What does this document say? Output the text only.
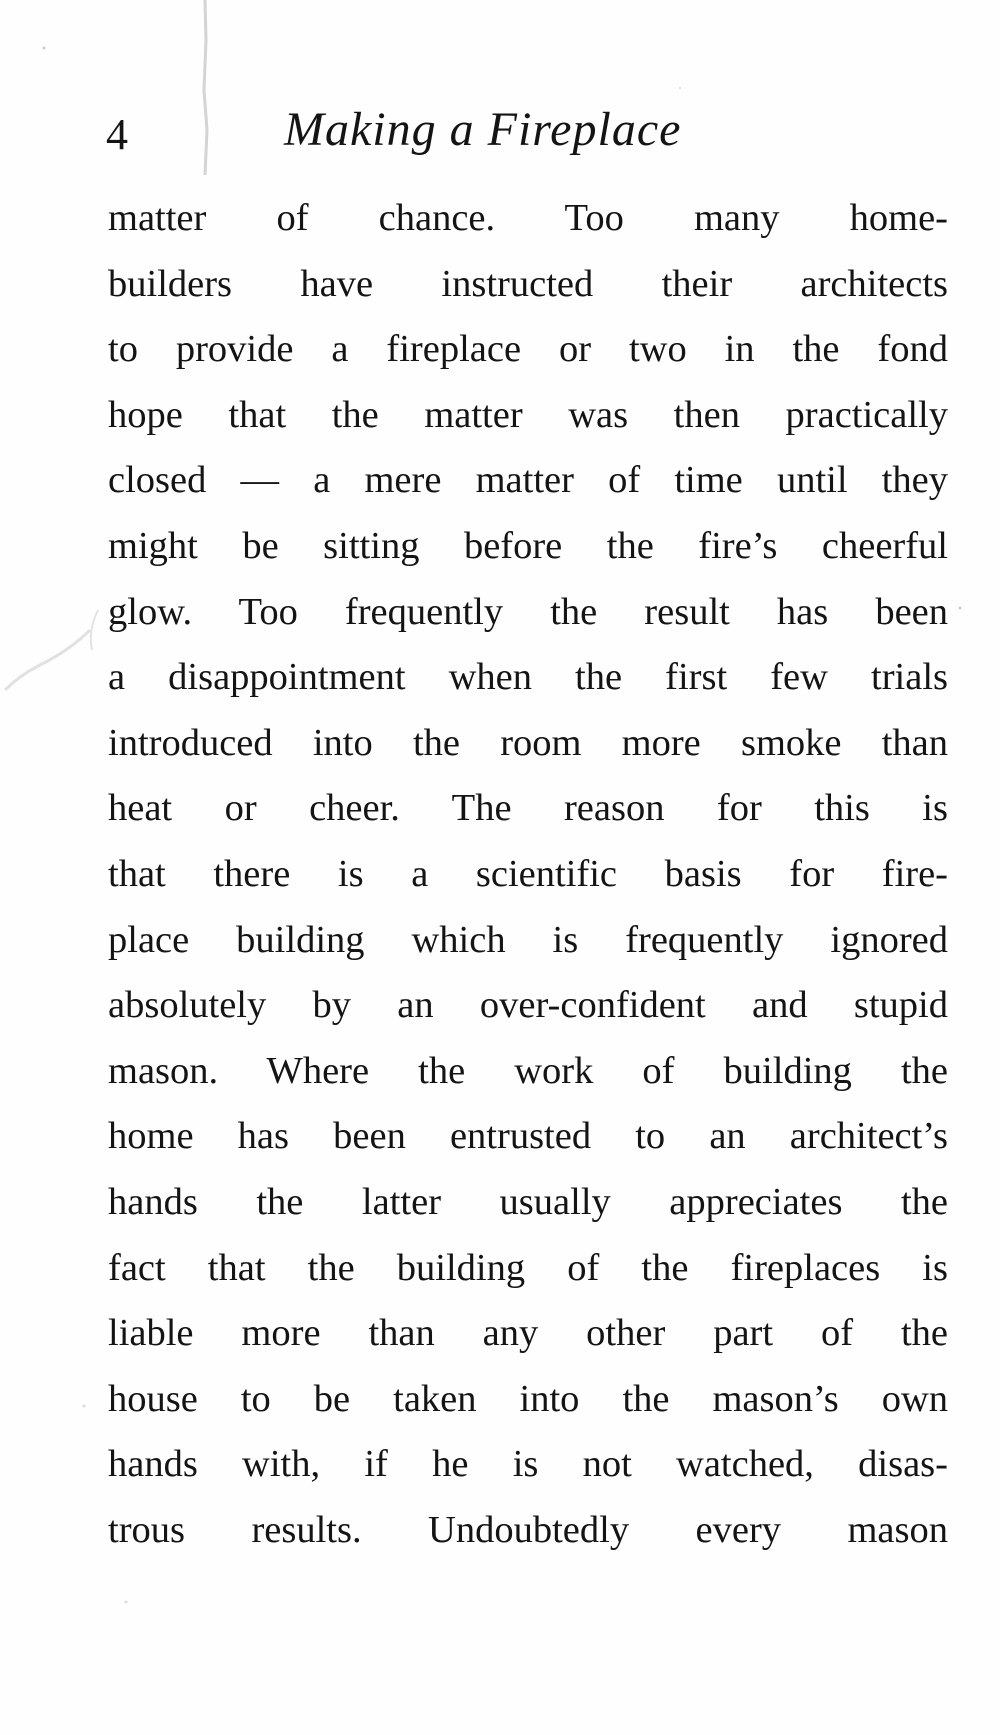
4	Making a Fireplace
matter of chance. Too many home-
builders have instructed their architects
to provide a fireplace or two in the fond
hope that the matter was then practically
closed — a mere matter of time until they
might be sitting before the fire’s cheerful
glow. Too frequently the result has been
a disappointment when the first few trials
introduced into the room more smoke than
heat or cheer. The reason for this is
that there is a scientific basis for fire-
place building which is frequently ignored
absolutely by an over-confident and stupid
mason. Where the work of building the
home has been entrusted to an architect’s
hands the latter usually appreciates the
fact that the building of the fireplaces is
liable more than any other part of the
house to be taken into the mason’s own
hands with, if he is not watched, disas-
trous results. Undoubtedly every mason
